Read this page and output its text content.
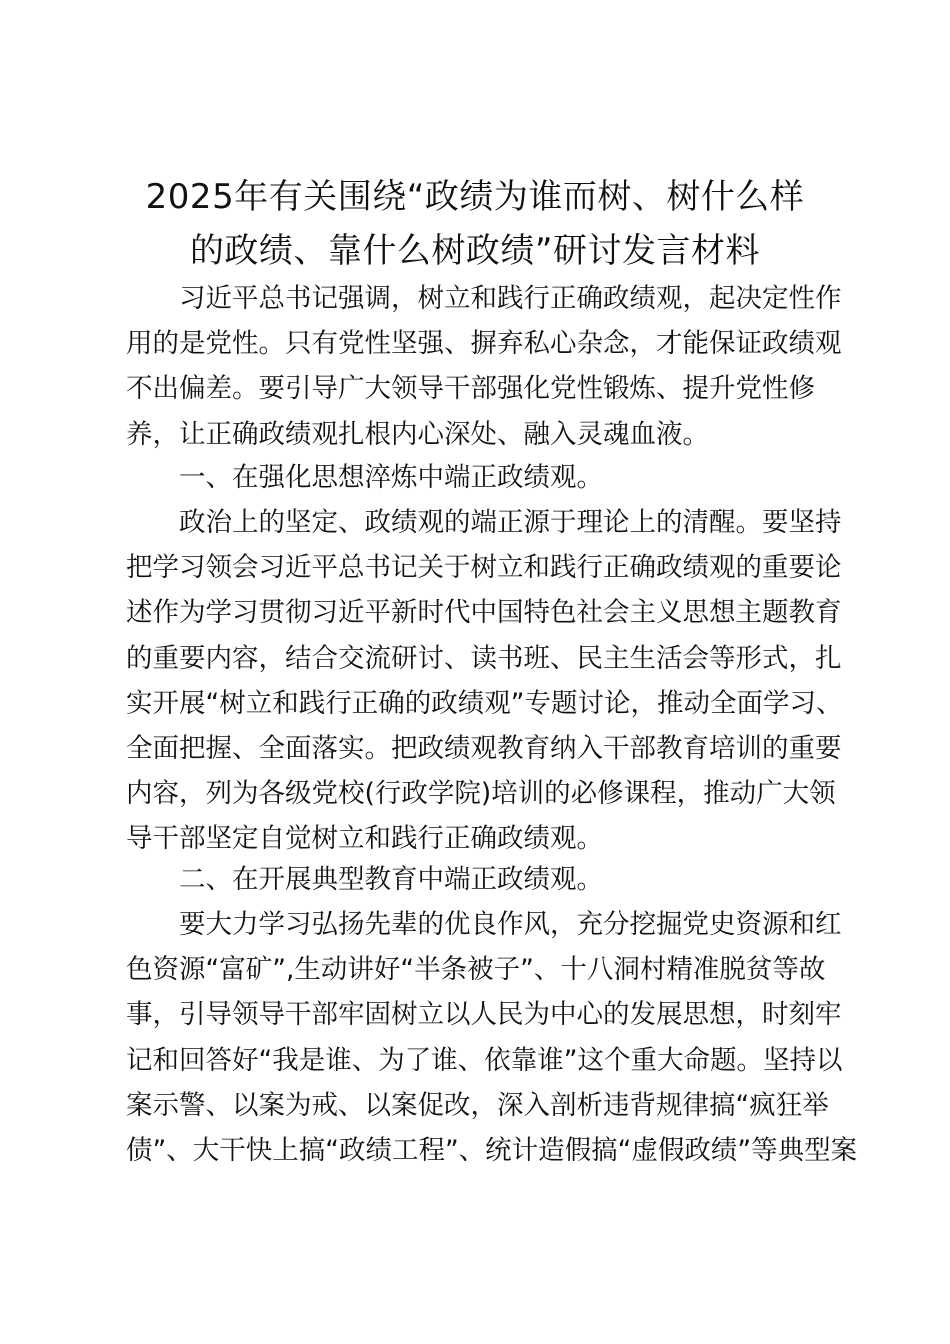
2025年有关围绕“政绩为谁而树、树什么样
的政绩、靠什么树政绩”研讨发言材料
习近平总书记强调，树立和践行正确政绩观，起决定性作
用的是党性。只有党性坚强、摒弃私心杂念，才能保证政绩观
不出偏差。要引导广大领导干部强化党性锻炼、提升党性修
养，让正确政绩观扎根内心深处、融入灵魂血液。
一、在强化思想淬炼中端正政绩观。
政治上的坚定、政绩观的端正源于理论上的清醒。要坚持
把学习领会习近平总书记关于树立和践行正确政绩观的重要论
述作为学习贯彻习近平新时代中国特色社会主义思想主题教育
的重要内容，结合交流研讨、读书班、民主生活会等形式，扎
实开展“树立和践行正确的政绩观”专题讨论，推动全面学习、
全面把握、全面落实。把政绩观教育纳入干部教育培训的重要
内容，列为各级党校(行政学院)培训的必修课程，推动广大领
导干部坚定自觉树立和践行正确政绩观。
二、在开展典型教育中端正政绩观。
要大力学习弘扬先辈的优良作风，充分挖掘党史资源和红
色资源“富矿”,生动讲好“半条被子”、十八洞村精准脱贫等故
事，引导领导干部牢固树立以人民为中心的发展思想，时刻牢
记和回答好“我是谁、为了谁、依靠谁”这个重大命题。坚持以
案示警、以案为戒、以案促改，深入剖析违背规律搞“疯狂举
债”、大干快上搞“政绩工程”、统计造假搞“虚假政绩”等典型案
